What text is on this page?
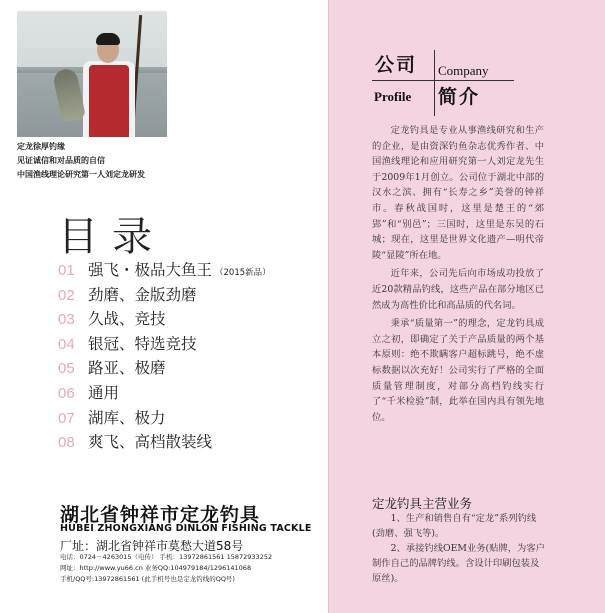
定龙徐厚钓缘
见证诚信和对品质的自信
中国渔线理论研究第一人刘定龙研发
目录
01 强飞・极品大鱼王 （2015新品）
02 劲磨、金版劲磨
03 久战、竞技
04 银冠、特选竞技
05 路亚、极磨
06 通用
07 湖库、极力
08 爽飞、高档散装线
湖北省钟祥市定龙钓具
HUBEI ZHONGXIANG DINLON FISHING TACKLE
厂址：湖北省钟祥市莫愁大道58号
电话：0724－4263015（电传） 手机：13972861561 15872933252
网址：http://www.yu66.cn 业务QQ:104979184/1296141068
手机/QQ号:13972861561 (此手机号也是定龙钓线的QQ号)
公司 Company
Profile 简介

定龙钓具是专业从事渔线研究和生产的企业，是由资深钓鱼杂志优秀作者、中国渔线理论和应用研究第一人刘定龙先生于2009年1月创立。公司位于湖北中部的汉水之滨、拥有“长寿之乡”美誉的钟祥市。春秋战国时，这里是楚王的“郊郢”和“别邑”；三国时，这里是东吴的石城；现在，这里是世界文化遗产—明代帝陵“显陵”所在地。

近年来，公司先后向市场成功投放了近20款精品钓线，这些产品在部分地区已然成为高性价比和高品质的代名词。

秉承“质量第一”的理念，定龙钓具成立之初，即确定了关于产品质量的两个基本原则：绝不欺瞒客户超标跳号，绝不虚标数据以次充好！公司实行了严格的全面质量管理制度，对部分高档钓线实行了“千米检验”制，此举在国内具有领先地位。

定龙钓具主营业务

1、生产和销售自有“定龙”系列钓线(劲磨、强飞等)。

2、承接钓线OEM业务(贴牌，为客户制作自己的品牌钓线。含设计印刷包装及原丝)。
